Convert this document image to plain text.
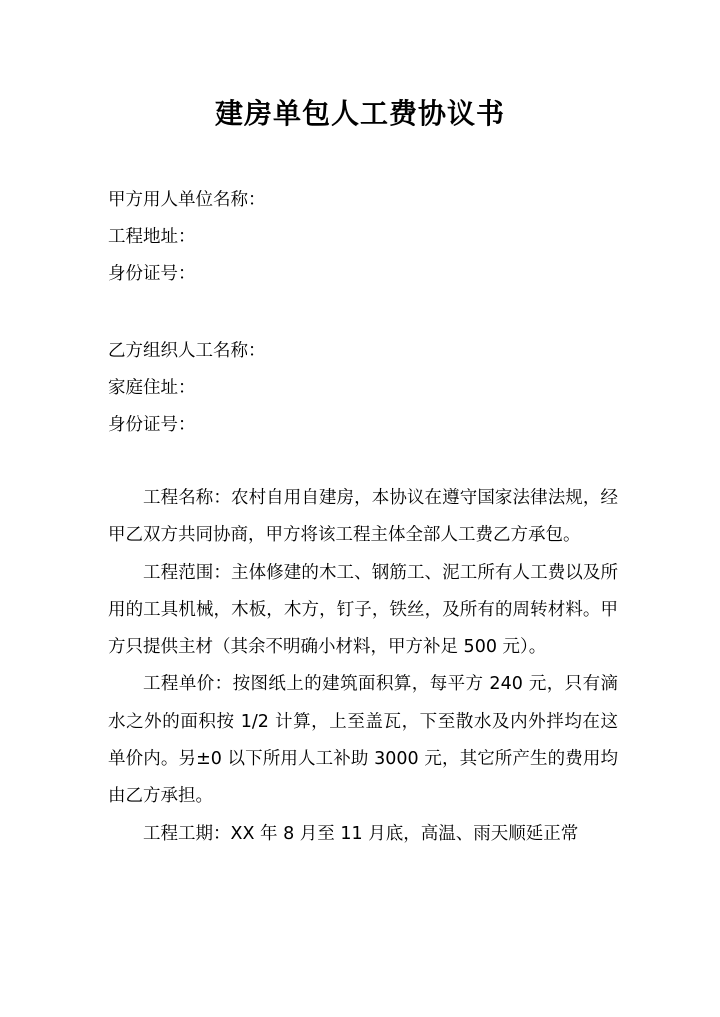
建房单包人工费协议书
甲方用人单位名称：
工程地址：
身份证号：
乙方组织人工名称：
家庭住址：
身份证号：

工程名称：农村自用自建房，本协议在遵守国家法律法规，经甲乙双方共同协商，甲方将该工程主体全部人工费乙方承包。

工程范围：主体修建的木工、钢筋工、泥工所有人工费以及所用的工具机械，木板，木方，钉子，铁丝，及所有的周转材料。甲方只提供主材（其余不明确小材料，甲方补足 500 元）。

工程单价：按图纸上的建筑面积算，每平方 240 元，只有滴水之外的面积按 1/2 计算，上至盖瓦，下至散水及内外拌均在这单价内。另±0 以下所用人工补助 3000 元，其它所产生的费用均由乙方承担。

工程工期：XX 年 8 月至 11 月底，高温、雨天顺延正常
